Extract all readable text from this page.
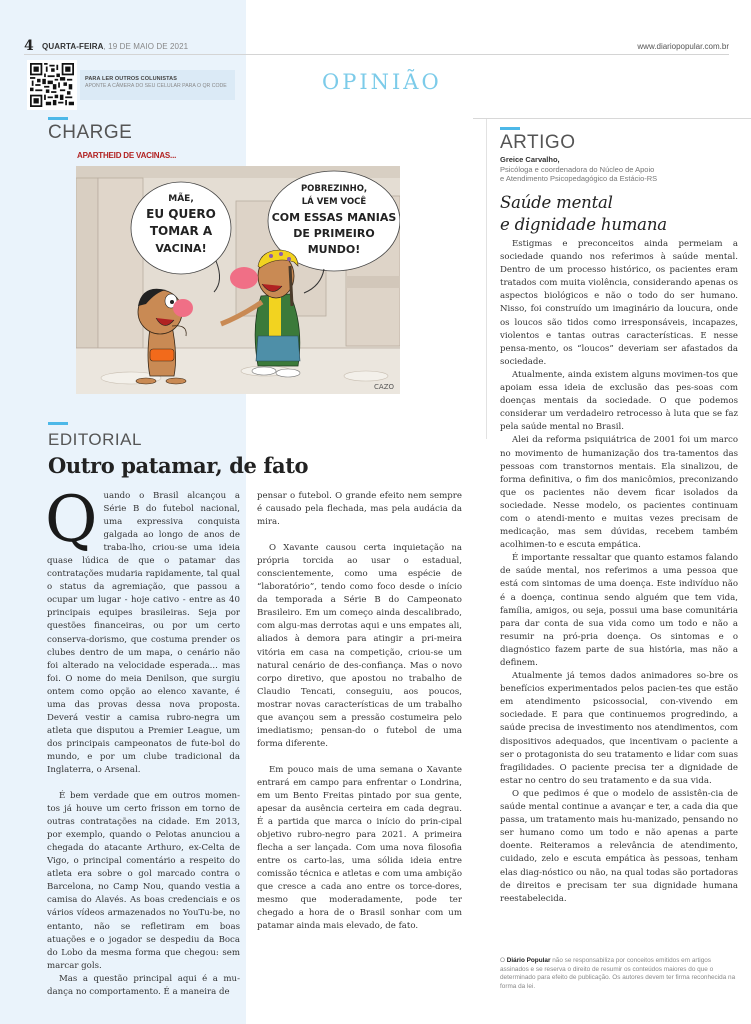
4 QUARTA-FEIRA, 19 DE MAIO DE 2021	www.diariopopular.com.br
PARA LER OUTROS COLUNISTAS
APONTE A CÂMERA DO SEU CELULAR PARA O QR CODE	OPINIÃO
CHARGE
APARTHEID DE VACINAS...
MÃE,
EU QUERO
TOMAR A
VACINA!
POBREZINHO,
LÁ VEM VOCÊ
COM ESSAS MANIAS
DE PRIMEIRO
MUNDO!
CAZO
EDITORIAL
Outro patamar, de fato

Quando o Brasil alcançou a Série B do futebol nacional, uma expressiva conquista galgada ao longo de anos de traba-lho, criou-se uma ideia quase lúdica de que o patamar das contratações mudaria rapidamente, tal qual o status da agremiação, que passou a ocupar um lugar - hoje cativo - entre as 40 principais equipes brasileiras. Seja por questões financeiras, ou por um certo conserva-dorismo, que costuma prender os clubes dentro de um mapa, o cenário não foi alterado na velocidade esperada... mas foi. O nome do meia Denilson, que surgiu ontem como opção ao elenco xavante, é uma das provas dessa nova proposta. Deverá vestir a camisa rubro-negra um atleta que disputou a Premier League, um dos principais campeonatos de fute-bol do mundo, e por um clube tradicional da Inglaterra, o Arsenal.

É bem verdade que em outros momen-tos já houve um certo frisson em torno de outras contratações na cidade. Em 2013, por exemplo, quando o Pelotas anunciou a chegada do atacante Arthuro, ex-Celta de Vigo, o principal comentário a respeito do atleta era sobre o gol marcado contra o Barcelona, no Camp Nou, quando vestia a camisa do Alavés. As boas credenciais e os vários vídeos armazenados no YouTu-be, no entanto, não se refletiram em boas atuações e o jogador se despediu da Boca do Lobo da mesma forma que chegou: sem marcar gols.

Mas a questão principal aqui é a mu-dança no comportamento. É a maneira de

pensar o futebol. O grande efeito nem sempre é causado pela flechada, mas pela audácia da mira.

O Xavante causou certa inquietação na própria torcida ao usar o estadual, conscientemente, como uma espécie de “laboratório”, tendo como foco desde o início da temporada a Série B do Campeonato Brasileiro. Em um começo ainda descalibrado, com algu-mas derrotas aqui e uns empates ali, aliados à demora para atingir a pri-meira vitória em casa na competição, criou-se um natural cenário de des-confiança. Mas o novo corpo diretivo, que apostou no trabalho de Claudio Tencati, conseguiu, aos poucos, mostrar novas características de um trabalho que avançou sem a pressão costumeira pelo imediatismo; pensan-do o futebol de uma forma diferente.

Em pouco mais de uma semana o Xavante entrará em campo para enfrentar o Londrina, em um Bento Freitas pintado por sua gente, apesar da ausência certeira em cada degrau. É a partida que marca o início do prin-cipal objetivo rubro-negro para 2021. A primeira flecha a ser lançada. Com uma nova filosofia entre os carto-las, uma sólida ideia entre comissão técnica e atletas e com uma ambição que cresce a cada ano entre os torce-dores, mesmo que moderadamente, pode ter chegado a hora de o Brasil sonhar com um patamar ainda mais elevado, de fato.

ARTIGO
Greice Carvalho,
Psicóloga e coordenadora do Núcleo de Apoio
e Atendimento Psicopedagógico da Estácio-RS
Saúde mental
e dignidade humana

Estigmas e preconceitos ainda permeiam a sociedade quando nos referimos à saúde mental. Dentro de um processo histórico, os pacientes eram tratados com muita violência, considerando apenas os aspectos biológicos e não o todo do ser humano. Nisso, foi construído um imaginário da loucura, onde os loucos são tidos como irresponsáveis, incapazes, violentos e tantas outras características. E nesse pensa-mento, os “loucos” deveriam ser afastados da sociedade.

Atualmente, ainda existem alguns movimen-tos que apoiam essa ideia de exclusão das pes-soas com doenças mentais da sociedade. O que podemos considerar um verdadeiro retrocesso à luta que se faz pela saúde mental no Brasil.

Alei da reforma psiquiátrica de 2001 foi um marco no movimento de humanização dos tra-tamentos das pessoas com transtornos mentais. Ela sinalizou, de forma definitiva, o fim dos manicômios, preconizando que os pacientes não devem ficar isolados da sociedade. Nesse modelo, os pacientes continuam com o atendi-mento e muitas vezes precisam de medicação, mas sem dúvidas, recebem também acolhimen-to e escuta empática.

É importante ressaltar que quanto estamos falando de saúde mental, nos referimos a uma pessoa que está com sintomas de uma doença. Este indivíduo não é a doença, continua sendo alguém que tem vida, família, amigos, ou seja, possui uma base comunitária para dar conta de sua vida como um todo e não a resumir na pró-pria doença. Os sintomas e o diagnóstico fazem parte de sua história, mas não a definem.

Atualmente já temos dados animadores so-bre os benefícios experimentados pelos pacien-tes que estão em atendimento psicossocial, con-vivendo em sociedade. E para que continuemos progredindo, a saúde precisa de investimento nos atendimentos, com dispositivos adequados, que incentivam o paciente a ser o protagonista do seu tratamento e lidar com suas fragilidades. O paciente precisa ter a dignidade de estar no centro do seu tratamento e da sua vida.

O que pedimos é que o modelo de assistên-cia de saúde mental continue a avançar e ter, a cada dia que passa, um tratamento mais hu-manizado, pensando no ser humano como um todo e não apenas a parte doente. Reiteramos a relevância de atendimento, cuidado, zelo e escuta empática às pessoas, tenham elas diag-nóstico ou não, na qual todas são portadoras de direitos e precisam ter sua dignidade humana reestabelecida.

O Diário Popular não se responsabiliza por conceitos emitidos em artigos assinados e se reserva o direito de resumir os conteúdos maiores do que o determinado para efeito de publicação. Os autores devem ter firma reconhecida na forma da lei.
